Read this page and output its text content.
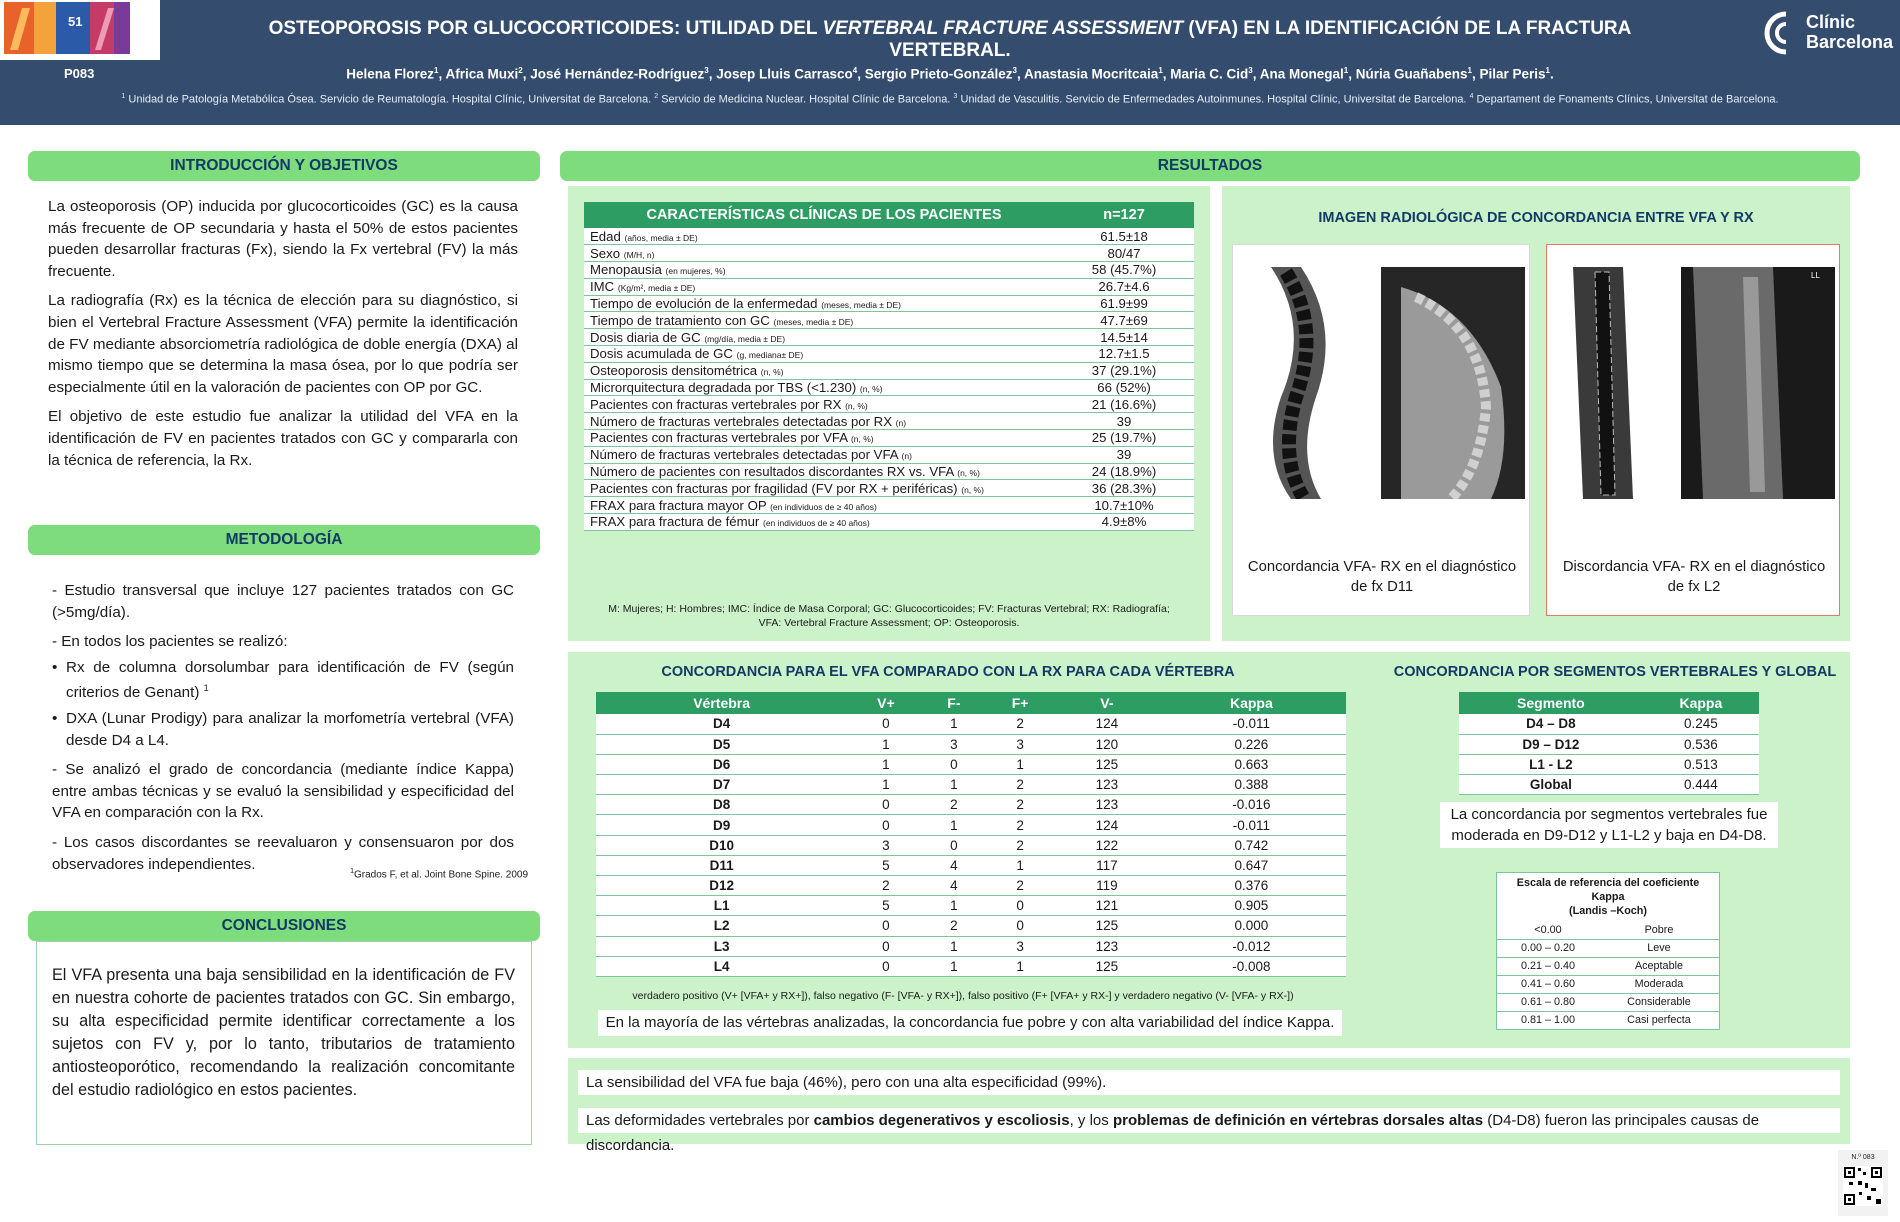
51
P083
OSTEOPOROSIS POR GLUCOCORTICOIDES: UTILIDAD DEL VERTEBRAL FRACTURE ASSESSMENT (VFA) EN LA IDENTIFICACIÓN DE LA FRACTURA VERTEBRAL.
Helena Florez$^1$, Africa Muxi$^2$, José Hernández-Rodríguez$^3$, Josep Lluis Carrasco$^4$, Sergio Prieto-González$^3$, Anastasia Mocritcaia$^1$, Maria C. Cid$^3$, Ana Monegal$^1$, Núria Guañabens$^1$, Pilar Peris$^1$.
$^1$ Unidad de Patología Metabólica Ósea. Servicio de Reumatología. Hospital Clínic, Universitat de Barcelona. $^2$ Servicio de Medicina Nuclear. Hospital Clínic de Barcelona. $^3$ Unidad de Vasculitis. Servicio de Enfermedades Autoinmunes. Hospital Clínic, Universitat de Barcelona. $^4$ Departament de Fonaments Clínics, Universitat de Barcelona.
Clínic
Barcelona
INTRODUCCIÓN Y OBJETIVOS

La osteoporosis (OP) inducida por glucocorticoides (GC) es la causa más frecuente de OP secundaria y hasta el 50% de estos pacientes pueden desarrollar fracturas (Fx), siendo la Fx vertebral (FV) la más frecuente.

La radiografía (Rx) es la técnica de elección para su diagnóstico, si bien el Vertebral Fracture Assessment (VFA) permite la identificación de FV mediante absorciometría radiológica de doble energía (DXA) al mismo tiempo que se determina la masa ósea, por lo que podría ser especialmente útil en la valoración de pacientes con OP por GC.

El objetivo de este estudio fue analizar la utilidad del VFA en la identificación de FV en pacientes tratados con GC y compararla con la técnica de referencia, la Rx.

METODOLOGÍA
- Estudio transversal que incluye 127 pacientes tratados con GC (>5mg/día).
- En todos los pacientes se realizó:
• Rx de columna dorsolumbar para identificación de FV (según criterios de Genant) $^1$
• DXA (Lunar Prodigy) para analizar la morfometría vertebral (VFA) desde D4 a L4.
- Se analizó el grado de concordancia (mediante índice Kappa) entre ambas técnicas y se evaluó la sensibilidad y especificidad del VFA en comparación con la Rx.
- Los casos discordantes se reevaluaron y consensuaron por dos observadores independientes.	$^1$Grados F, et al. Joint Bone Spine. 2009
CONCLUSIONES
El VFA presenta una baja sensibilidad en la identificación de FV en nuestra cohorte de pacientes tratados con GC. Sin embargo, su alta especificidad permite identificar correctamente a los sujetos con FV y, por lo tanto, tributarios de tratamiento antiosteoporótico, recomendando la realización concomitante del estudio radiológico en estos pacientes.
RESULTADOS
CARACTERÍSTICAS CLÍNICAS DE LOS PACIENTES	n=127
Edad (años, media ± DE)	61.5±18
Sexo (M/H, n)	80/47
Menopausia (en mujeres, %)	58 (45.7%)
IMC (Kg/m², media ± DE)	26.7±4.6
Tiempo de evolución de la enfermedad (meses, media ± DE)	61.9±99
Tiempo de tratamiento con GC (meses, media ± DE)	47.7±69
Dosis diaria de GC (mg/día, media ± DE)	14.5±14
Dosis acumulada de GC (g, mediana± DE)	12.7±1.5
Osteoporosis densitométrica (n, %)	37 (29.1%)
Microrquitectura degradada por TBS (<1.230) (n, %)	66 (52%)
Pacientes con fracturas vertebrales por RX (n, %)	21 (16.6%)
Número de fracturas vertebrales detectadas por RX (n)	39
Pacientes con fracturas vertebrales por VFA (n, %)	25 (19.7%)
Número de fracturas vertebrales detectadas por VFA (n)	39
Número de pacientes con resultados discordantes RX vs. VFA (n, %)	24 (18.9%)
Pacientes con fracturas por fragilidad (FV por RX + periféricas) (n, %)	36 (28.3%)
FRAX para fractura mayor OP (en individuos de ≥ 40 años)	10.7±10%
FRAX para fractura de fémur (en individuos de ≥ 40 años)	4.9±8%
M: Mujeres; H: Hombres; IMC: Índice de Masa Corporal; GC: Glucocorticoides; FV: Fracturas Vertebral; RX: Radiografía;
VFA: Vertebral Fracture Assessment; OP: Osteoporosis.
IMAGEN RADIOLÓGICA DE CONCORDANCIA ENTRE VFA Y RX
Concordancia VFA- RX en el diagnóstico de fx D11
LL
Discordancia VFA- RX en el diagnóstico de fx L2
CONCORDANCIA PARA EL VFA COMPARADO CON LA RX PARA CADA VÉRTEBRA
Vértebra	V+	F-	F+	V-	Kappa
D4	0	1	2	124	-0.011
D5	1	3	3	120	0.226
D6	1	0	1	125	0.663
D7	1	1	2	123	0.388
D8	0	2	2	123	-0.016
D9	0	1	2	124	-0.011
D10	3	0	2	122	0.742
D11	5	4	1	117	0.647
D12	2	4	2	119	0.376
L1	5	1	0	121	0.905
L2	0	2	0	125	0.000
L3	0	1	3	123	-0.012
L4	0	1	1	125	-0.008
verdadero positivo (V+ [VFA+ y RX+]), falso negativo (F- [VFA- y RX+]), falso positivo (F+ [VFA+ y RX-] y verdadero negativo (V- [VFA- y RX-])
En la mayoría de las vértebras analizadas, la concordancia fue pobre y con alta variabilidad del índice Kappa.
CONCORDANCIA POR SEGMENTOS VERTEBRALES Y GLOBAL
Segmento	Kappa
D4 – D8	0.245
D9 – D12	0.536
L1 - L2	0.513
Global	0.444
La concordancia por segmentos vertebrales fue moderada en D9-D12 y L1-L2 y baja en D4-D8.
Escala de referencia del coeficiente Kappa
(Landis –Koch)	

<0.00	Pobre
0.00 – 0.20	Leve
0.21 – 0.40	Aceptable
0.41 – 0.60	Moderada
0.61 – 0.80	Considerable
0.81 – 1.00	Casi perfecta
La sensibilidad del VFA fue baja (46%), pero con una alta especificidad (99%).
Las deformidades vertebrales por cambios degenerativos y escoliosis, y los problemas de definición en vértebras dorsales altas (D4-D8) fueron las principales causas de discordancia.
N.º 083
